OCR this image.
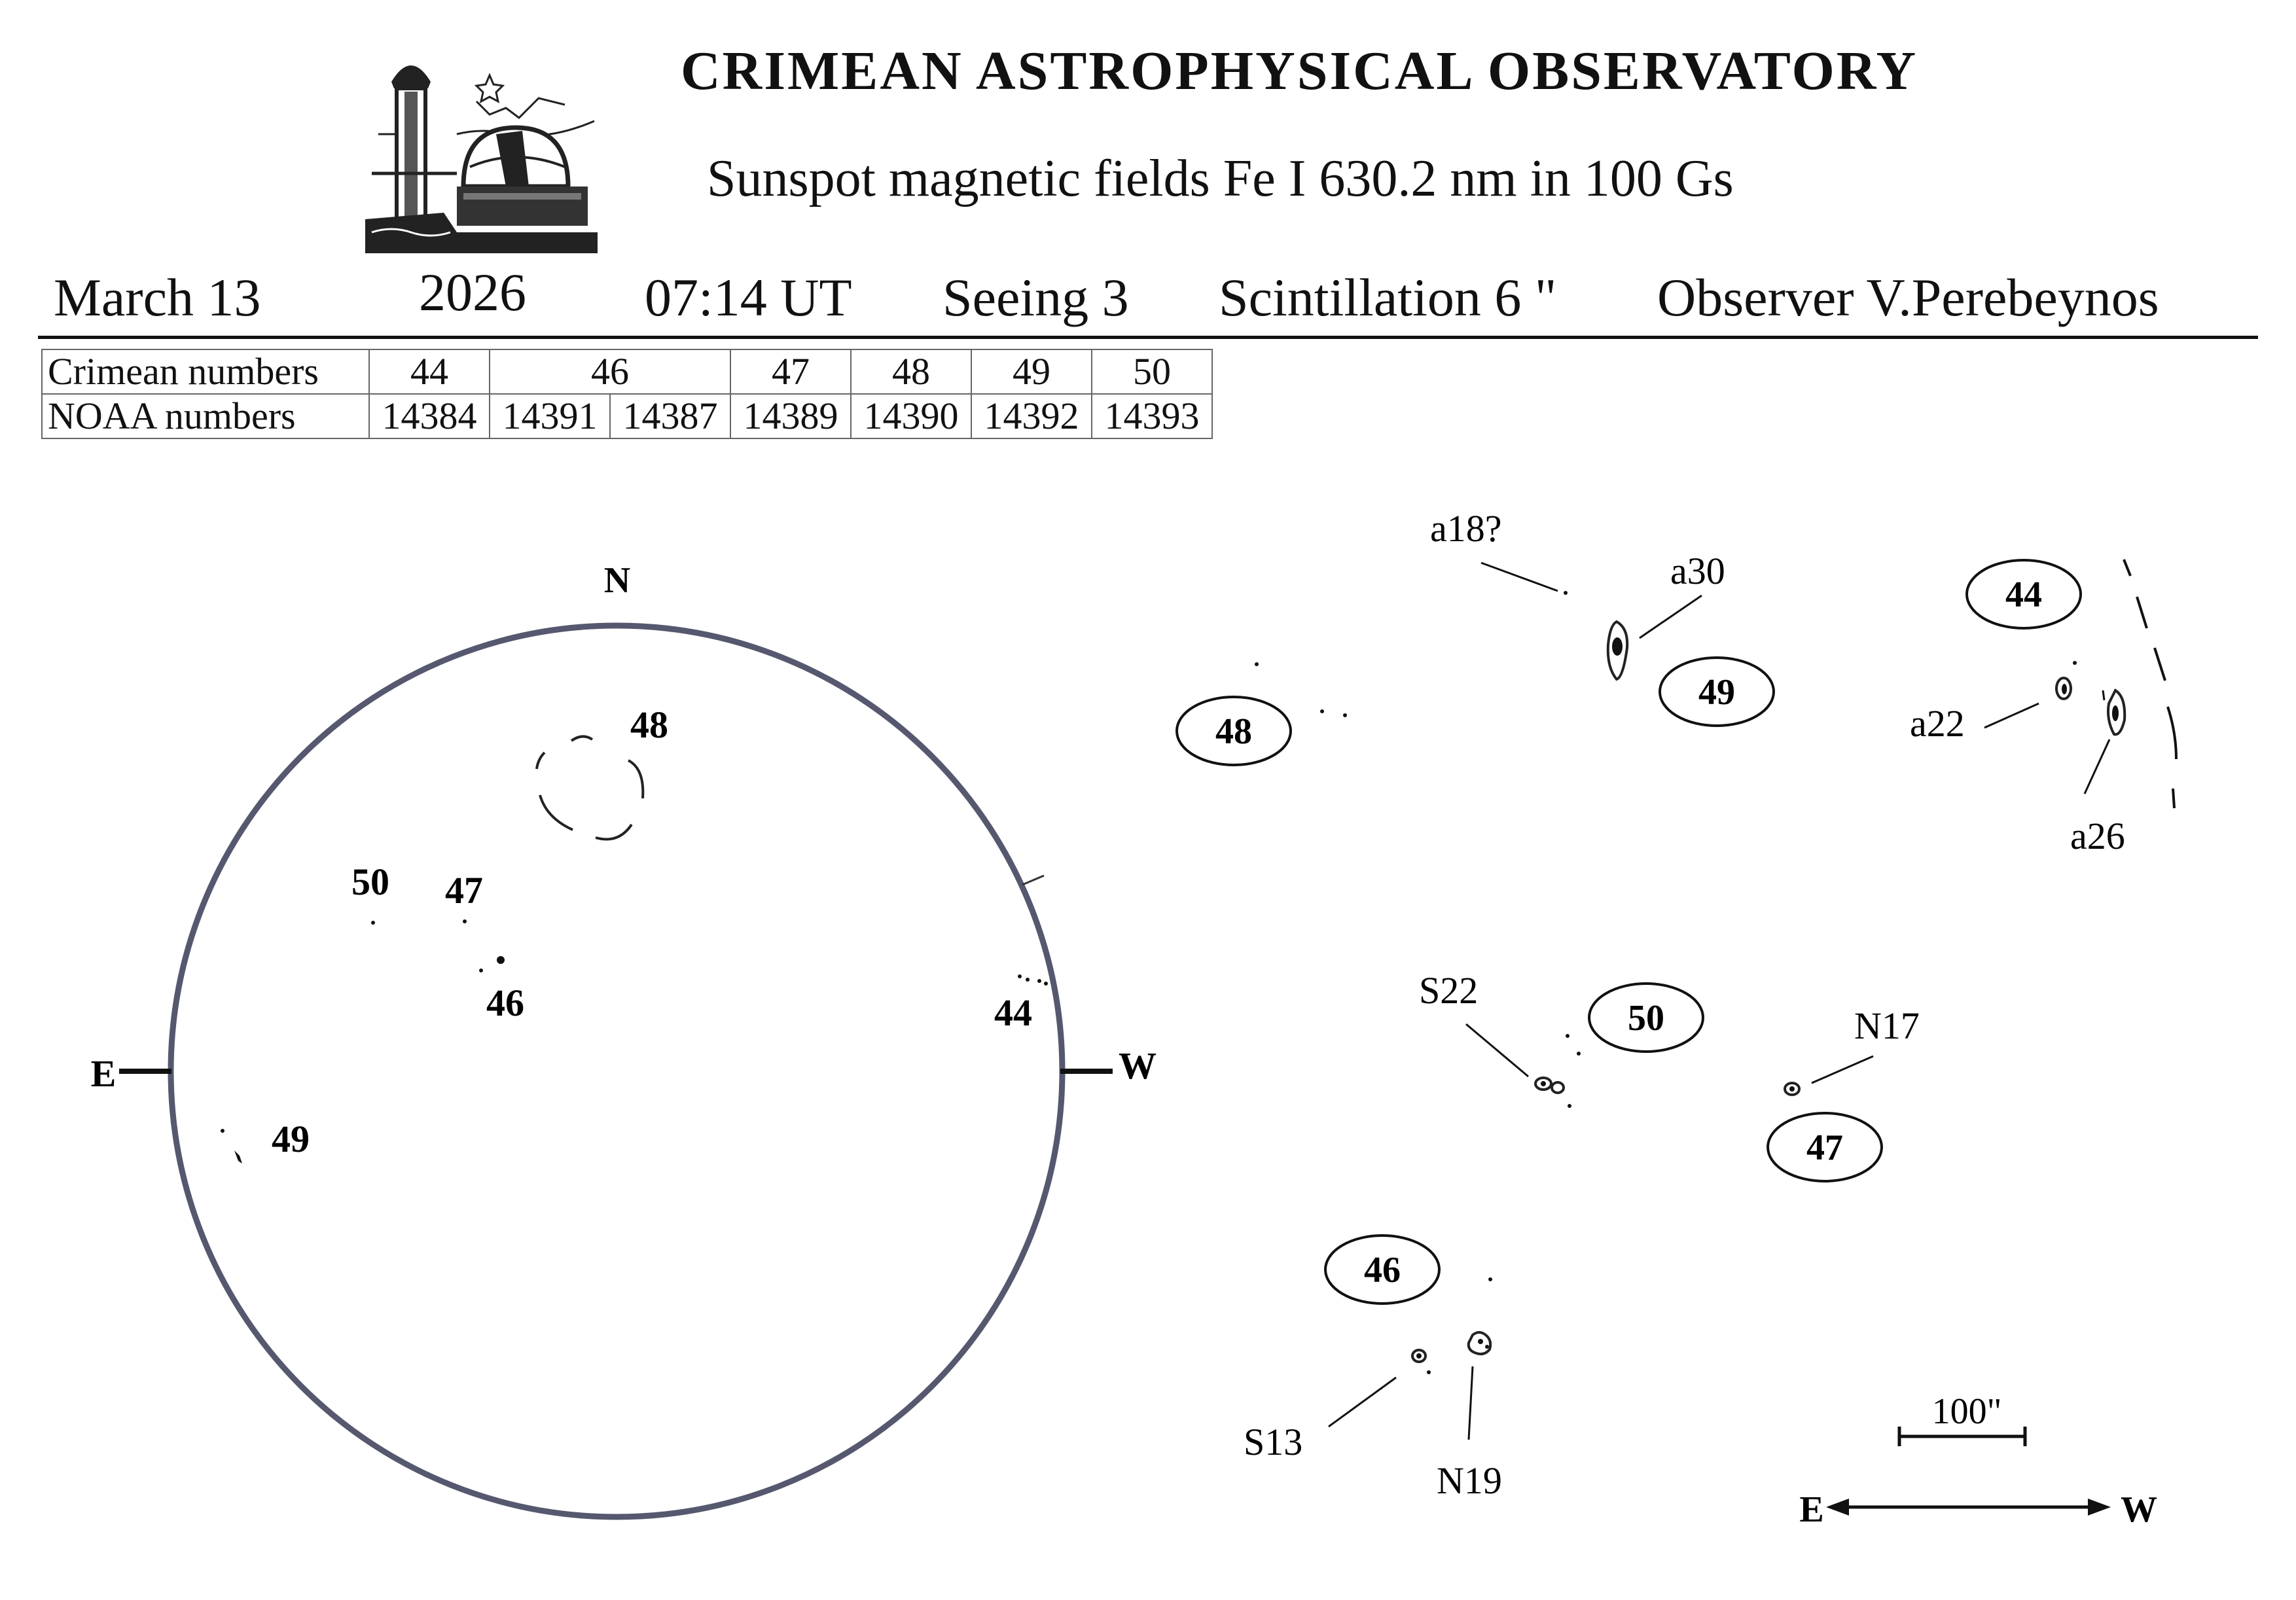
CRIMEAN ASTROPHYSICAL OBSERVATORY
Sunspot magnetic fields Fe I 630.2 nm in 100 Gs
March 13	2026 07:14 UT Seeing 3 Scintillation 6 " Observer V.Perebeynos
Crimean numbers	44	46		47	48	49	50
NOAA numbers	14384	14391	14387	14389	14390	14392	14393
N
E	W
48
50 47
46	44
49
48
49
a18?
a30
44
a22
a26
50
S22
47
N17
46
S13
N19
100"
E	W
